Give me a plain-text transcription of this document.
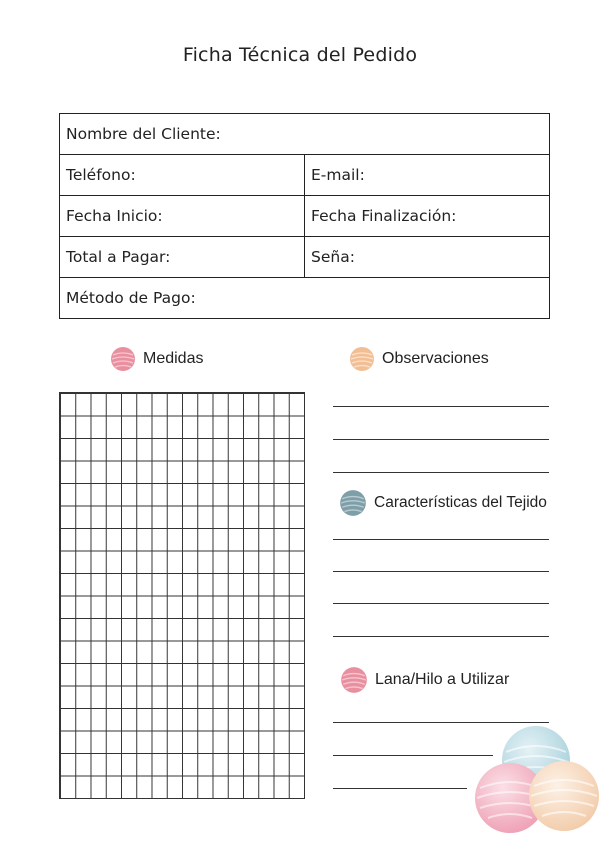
Ficha Técnica del Pedido
Nombre del Cliente:	
Teléfono:	E-mail:
Fecha Inicio:	Fecha Finalización:
Total a Pagar:	Seña:
Método de Pago:	
Medidas	Observaciones
Características del Tejido
Lana/Hilo a Utilizar
